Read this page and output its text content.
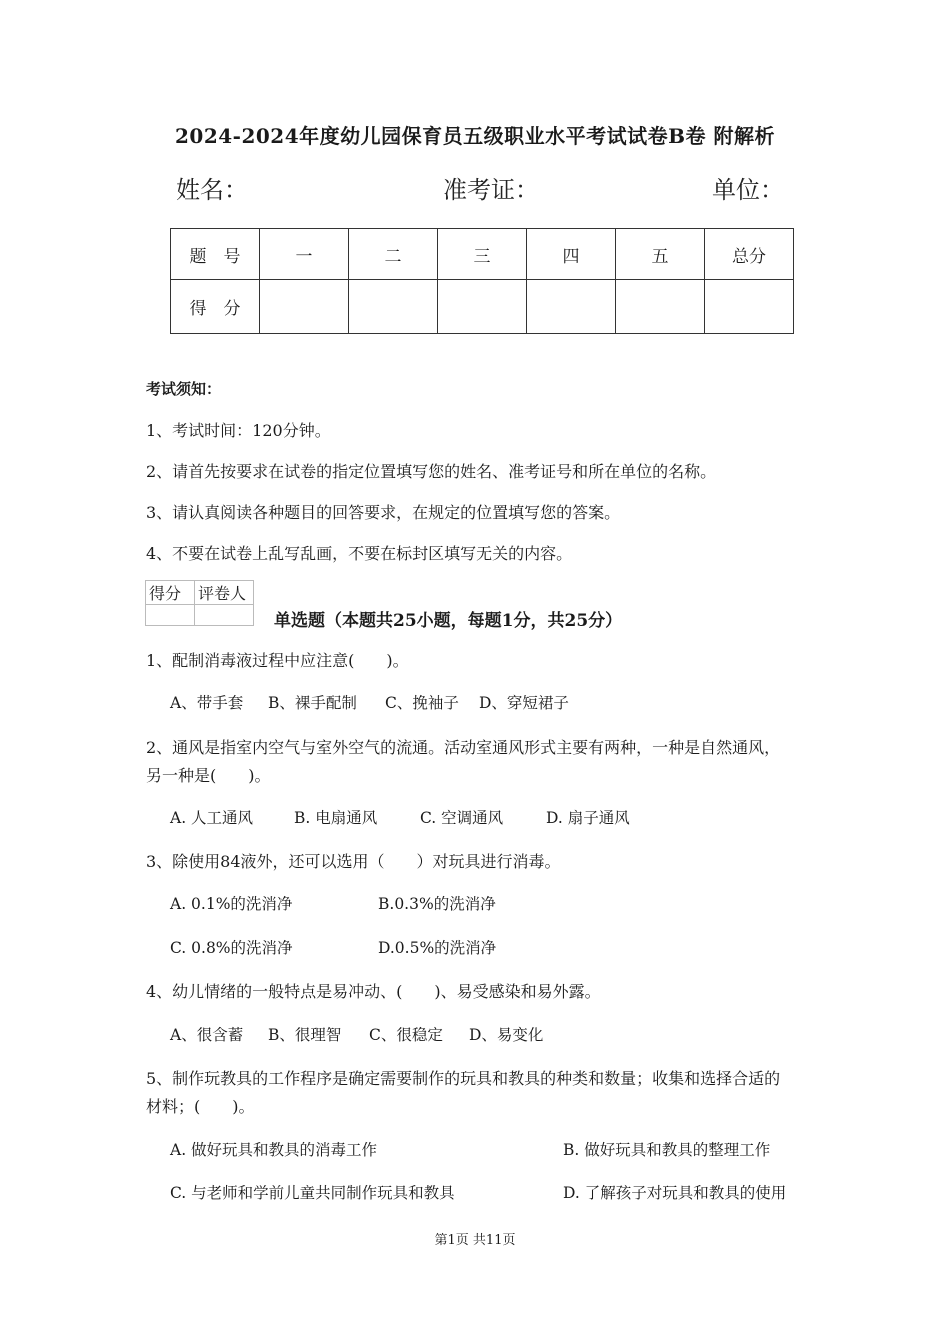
2024-2024年度幼儿园保育员五级职业水平考试试卷B卷 附解析
姓名：	准考证：	单位：
题　号	一	二	三	四	五	总分
得　分						
考试须知：
1、考试时间：120分钟。
2、请首先按要求在试卷的指定位置填写您的姓名、准考证号和所在单位的名称。
3、请认真阅读各种题目的回答要求，在规定的位置填写您的答案。
4、不要在试卷上乱写乱画，不要在标封区填写无关的内容。
得分	评卷人

单选题（本题共25小题，每题1分，共25分）
1、配制消毒液过程中应注意(　　)。
A、带手套 B、裸手配制 C、挽袖子 D、穿短裙子
2、通风是指室内空气与室外空气的流通。活动室通风形式主要有两种，一种是自然通风，
另一种是(　　)。
A. 人工通风	B. 电扇通风	C. 空调通风	D. 扇子通风
3、除使用84液外，还可以选用（　　）对玩具进行消毒。
A. 0.1%的洗消净	B.0.3%的洗消净
C. 0.8%的洗消净	D.0.5%的洗消净
4、幼儿情绪的一般特点是易冲动、(　　)、易受感染和易外露。
A、很含蓄 B、很理智 C、很稳定 D、易变化
5、制作玩教具的工作程序是确定需要制作的玩具和教具的种类和数量；收集和选择合适的
材料；(　　)。
A. 做好玩具和教具的消毒工作	B. 做好玩具和教具的整理工作
C. 与老师和学前儿童共同制作玩具和教具	D. 了解孩子对玩具和教具的使用
第1页 共11页
